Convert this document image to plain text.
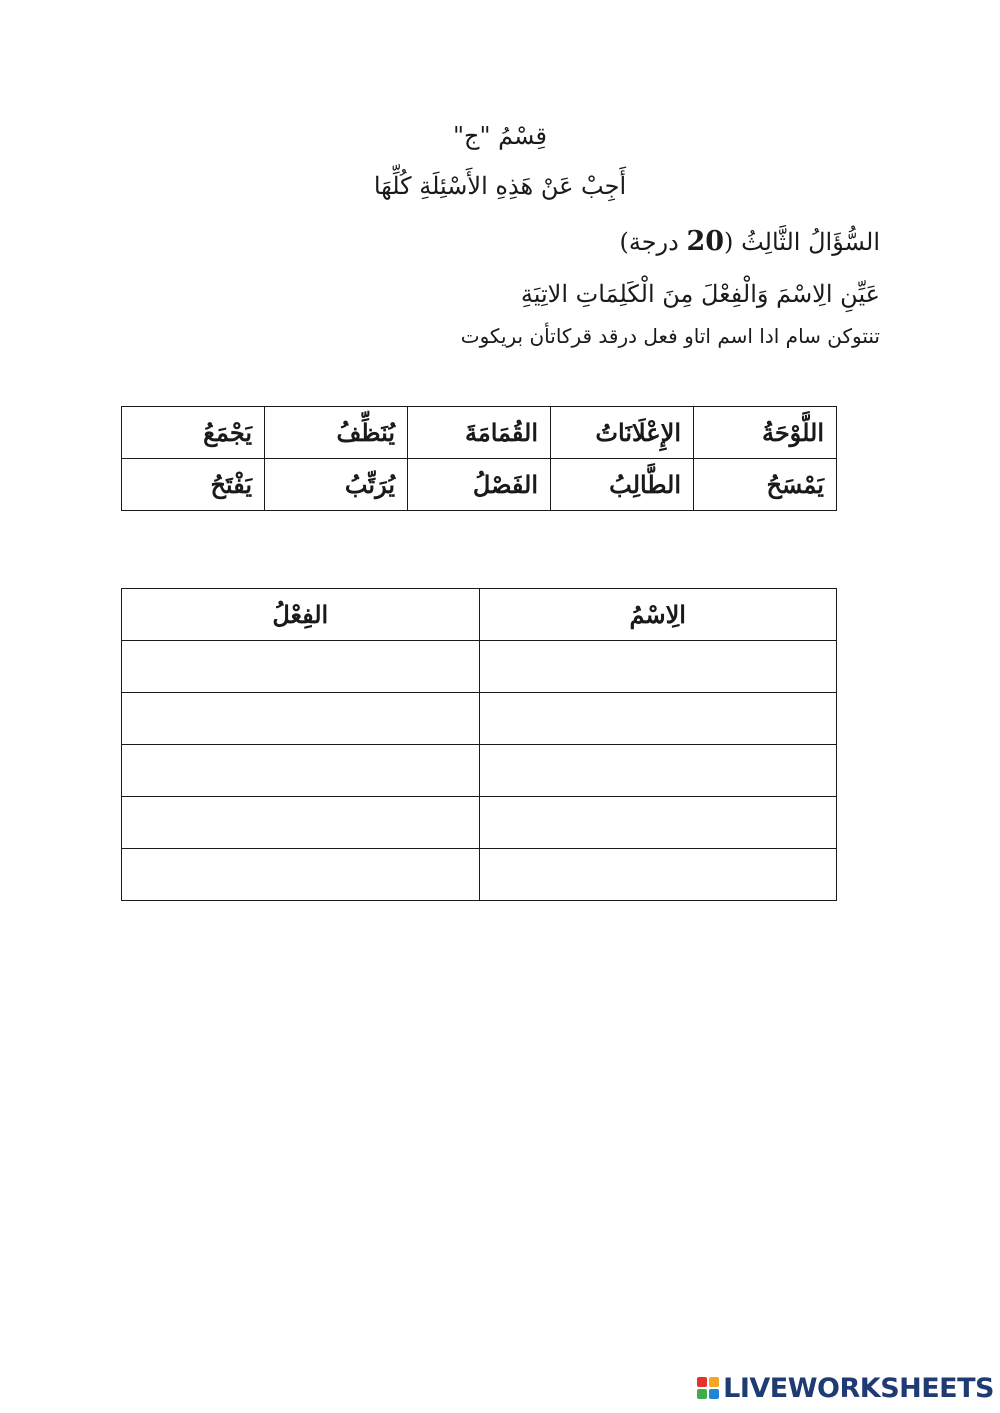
قِسْمُ "ج"
أَجِبْ عَنْ هَذِهِ الأَسْئِلَةِ كُلِّهَا
السُّؤَالُ الثَّالِثُ (20 درجة)
عَيِّنِ الِاسْمَ وَالْفِعْلَ مِنَ الْكَلِمَاتِ الاتِيَةِ
تنتوكن سام ادا اسم اتاو فعل درقد قركاتأن بريكوت
اللَّوْحَةُ	الإِعْلَانَاتُ	القُمَامَةَ	يُنَظِّفُ	يَجْمَعُ
يَمْسَحُ	الطَّالِبُ	الفَصْلُ	يُرَتِّبُ	يَفْتَحُ
الفِعْلُ	الِاسْمُ

LIVEWORKSHEETS
